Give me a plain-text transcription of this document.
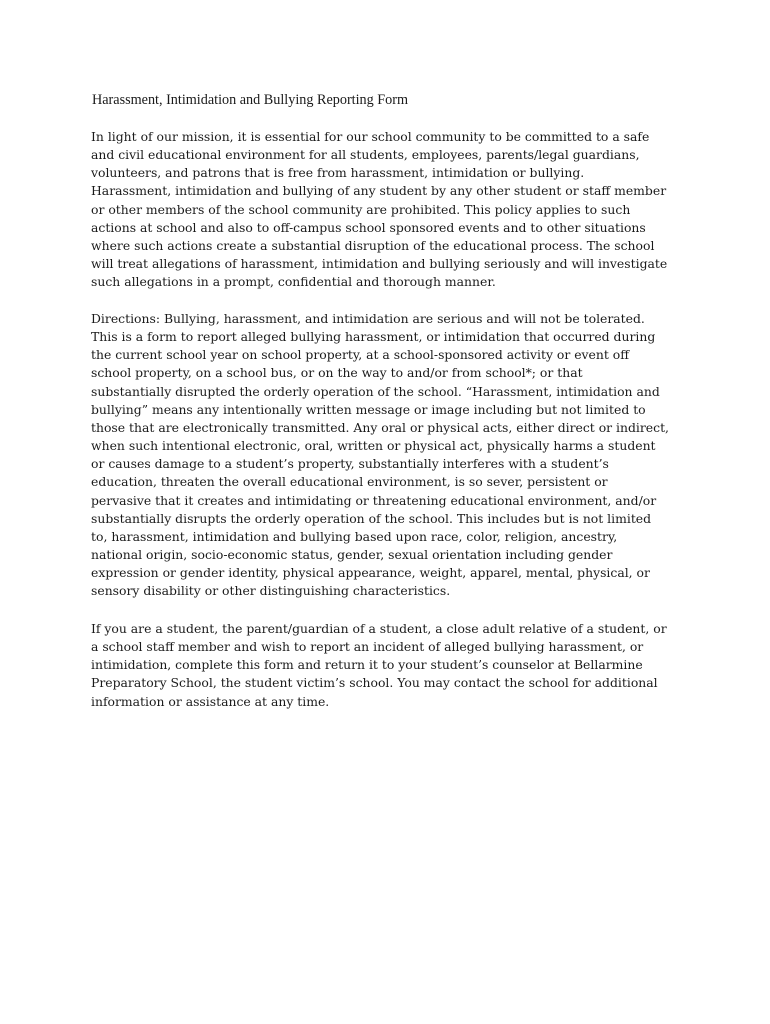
Harassment, Intimidation and Bullying Reporting Form

In light of our mission, it is essential for our school community to be committed to a safe
and civil educational environment for all students, employees, parents/legal guardians,
volunteers, and patrons that is free from harassment, intimidation or bullying.
Harassment, intimidation and bullying of any student by any other student or staff member
or other members of the school community are prohibited. This policy applies to such
actions at school and also to off-campus school sponsored events and to other situations
where such actions create a substantial disruption of the educational process. The school
will treat allegations of harassment, intimidation and bullying seriously and will investigate
such allegations in a prompt, confidential and thorough manner.

Directions: Bullying, harassment, and intimidation are serious and will not be tolerated.
This is a form to report alleged bullying harassment, or intimidation that occurred during
the current school year on school property, at a school-sponsored activity or event off
school property, on a school bus, or on the way to and/or from school*; or that
substantially disrupted the orderly operation of the school. “Harassment, intimidation and
bullying” means any intentionally written message or image including but not limited to
those that are electronically transmitted. Any oral or physical acts, either direct or indirect,
when such intentional electronic, oral, written or physical act, physically harms a student
or causes damage to a student’s property, substantially interferes with a student’s
education, threaten the overall educational environment, is so sever, persistent or
pervasive that it creates and intimidating or threatening educational environment, and/or
substantially disrupts the orderly operation of the school. This includes but is not limited
to, harassment, intimidation and bullying based upon race, color, religion, ancestry,
national origin, socio-economic status, gender, sexual orientation including gender
expression or gender identity, physical appearance, weight, apparel, mental, physical, or
sensory disability or other distinguishing characteristics.

If you are a student, the parent/guardian of a student, a close adult relative of a student, or
a school staff member and wish to report an incident of alleged bullying harassment, or
intimidation, complete this form and return it to your student’s counselor at Bellarmine
Preparatory School, the student victim’s school. You may contact the school for additional
information or assistance at any time.
